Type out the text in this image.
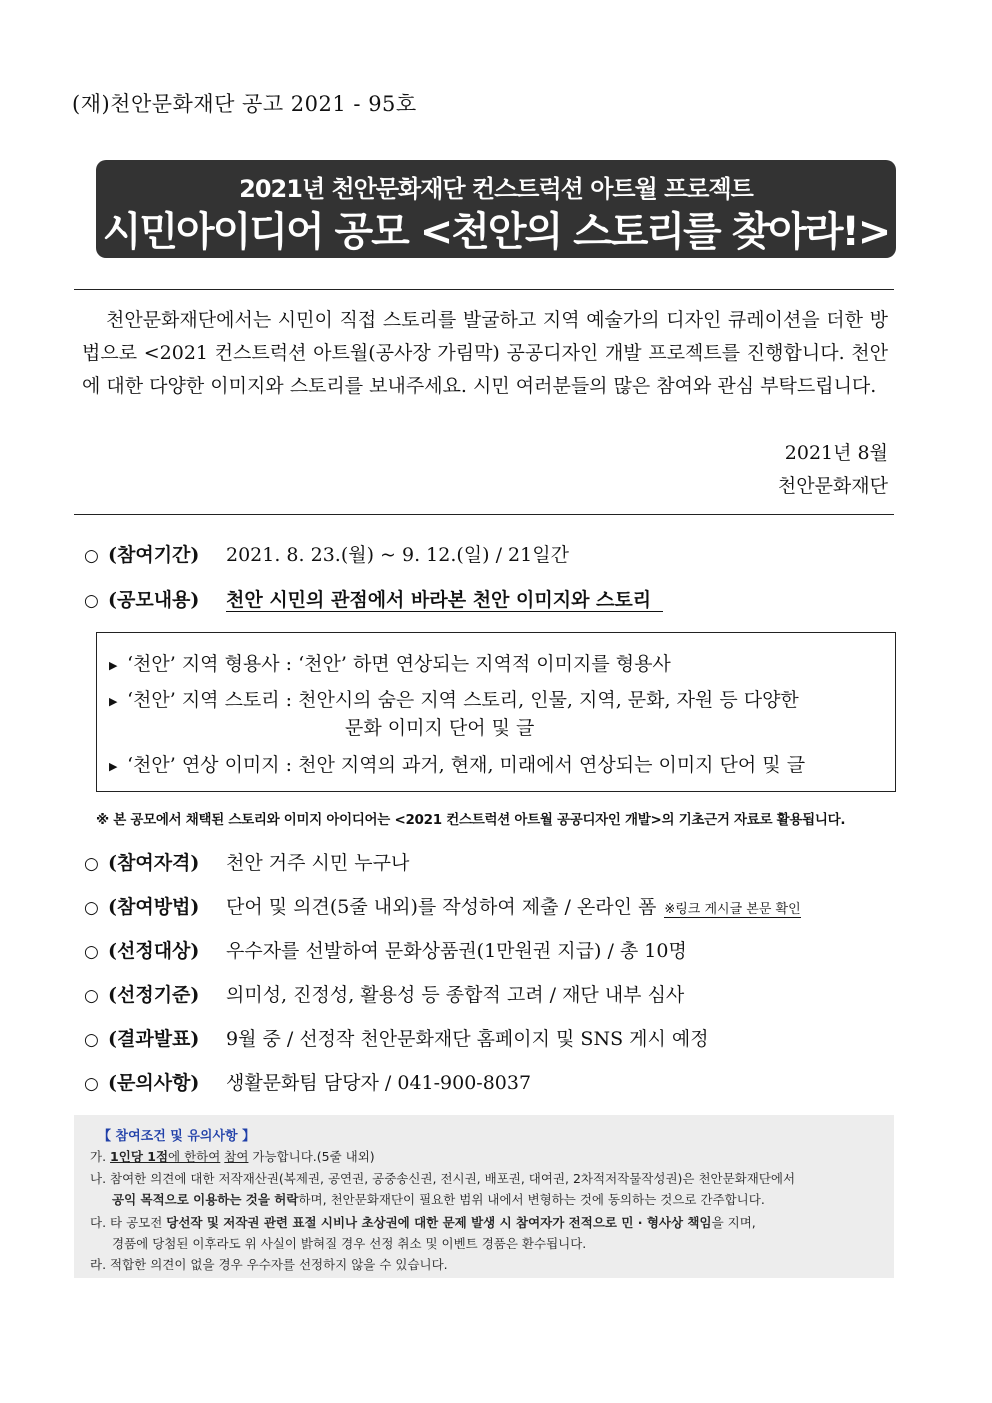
(재)천안문화재단 공고 2021 - 95호
2021년 천안문화재단 컨스트럭션 아트월 프로젝트
시민아이디어 공모 <천안의 스토리를 찾아라!>
천안문화재단에서는 시민이 직접 스토리를 발굴하고 지역 예술가의 디자인 큐레이션을 더한 방법으로 <2021 컨스트럭션 아트월(공사장 가림막) 공공디자인 개발 프로젝트를 진행합니다. 천안에 대한 다양한 이미지와 스토리를 보내주세요. 시민 여러분들의 많은 참여와 관심 부탁드립니다.
2021년 8월
천안문화재단
○ (참여기간) 2021. 8. 23.(월) ~ 9. 12.(일) / 21일간
○ (공모내용) 천안 시민의 관점에서 바라본 천안 이미지와 스토리
▶ ‘천안’ 지역 형용사 : ‘천안’ 하면 연상되는 지역적 이미지를 형용사
▶ ‘천안’ 지역 스토리 : 천안시의 숨은 지역 스토리, 인물, 지역, 문화, 자원 등 다양한
문화 이미지 단어 및 글
▶ ‘천안’ 연상 이미지 : 천안 지역의 과거, 현재, 미래에서 연상되는 이미지 단어 및 글
※ 본 공모에서 채택된 스토리와 이미지 아이디어는 <2021 컨스트럭션 아트월 공공디자인 개발>의 기초근거 자료로 활용됩니다.
○ (참여자격) 천안 거주 시민 누구나
○ (참여방법) 단어 및 의견(5줄 내외)를 작성하여 제출 / 온라인 폼 ※링크 게시글 본문 확인
○ (선정대상) 우수자를 선발하여 문화상품권(1만원권 지급) / 총 10명
○ (선정기준) 의미성, 진정성, 활용성 등 종합적 고려 / 재단 내부 심사
○ (결과발표) 9월 중 / 선정작 천안문화재단 홈페이지 및 SNS 게시 예정
○ (문의사항) 생활문화팀 담당자 / 041-900-8037
【 참여조건 및 유의사항 】
가. 1인당 1점에 한하여 참여 가능합니다.(5줄 내외)
나. 참여한 의견에 대한 저작재산권(복제권, 공연권, 공중송신권, 전시권, 배포권, 대여권, 2차적저작물작성권)은 천안문화재단에서
공익 목적으로 이용하는 것을 허락하며, 천안문화재단이 필요한 범위 내에서 변형하는 것에 동의하는 것으로 간주합니다.
다. 타 공모전 당선작 및 저작권 관련 표절 시비나 초상권에 대한 문제 발생 시 참여자가 전적으로 민 · 형사상 책임을 지며,
경품에 당첨된 이후라도 위 사실이 밝혀질 경우 선정 취소 및 이벤트 경품은 환수됩니다.
라. 적합한 의견이 없을 경우 우수자를 선정하지 않을 수 있습니다.
